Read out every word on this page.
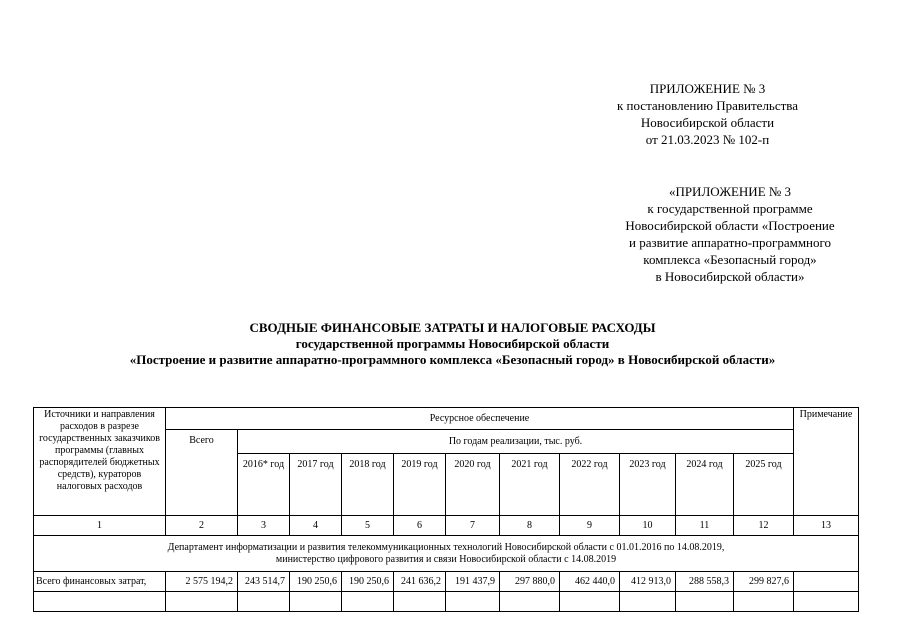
ПРИЛОЖЕНИЕ № 3
к постановлению Правительства
Новосибирской области
от 21.03.2023 № 102-п
«ПРИЛОЖЕНИЕ № 3
к государственной программе
Новосибирской области «Построение
и развитие аппаратно-программного
комплекса «Безопасный город»
в Новосибирской области»
СВОДНЫЕ ФИНАНСОВЫЕ ЗАТРАТЫ И НАЛОГОВЫЕ РАСХОДЫ
государственной программы Новосибирской области
«Построение и развитие аппаратно-программного комплекса «Безопасный город» в Новосибирской области»
Источники и направления расходов в разрезе государственных заказчиков программы (главных распорядителей бюджетных средств), кураторов налоговых расходов	Ресурсное обеспечение											Примечание
	Всего	По годам реализации, тыс. руб.										
		2016* год	2017 год	2018 год	2019 год	2020 год	2021 год	2022 год	2023 год	2024 год	2025 год	
1	2	3	4	5	6	7	8	9	10	11	12	13

Департамент информатизации и развития телекоммуникационных технологий Новосибирской области с 01.01.2016 по 14.08.2019,
министерство цифрового развития и связи Новосибирской области с 14.08.2019												

Всего финансовых затрат,	2 575 194,2	243 514,7	190 250,6	190 250,6	241 636,2	191 437,9	297 880,0	462 440,0	412 913,0	288 558,3	299 827,6	
